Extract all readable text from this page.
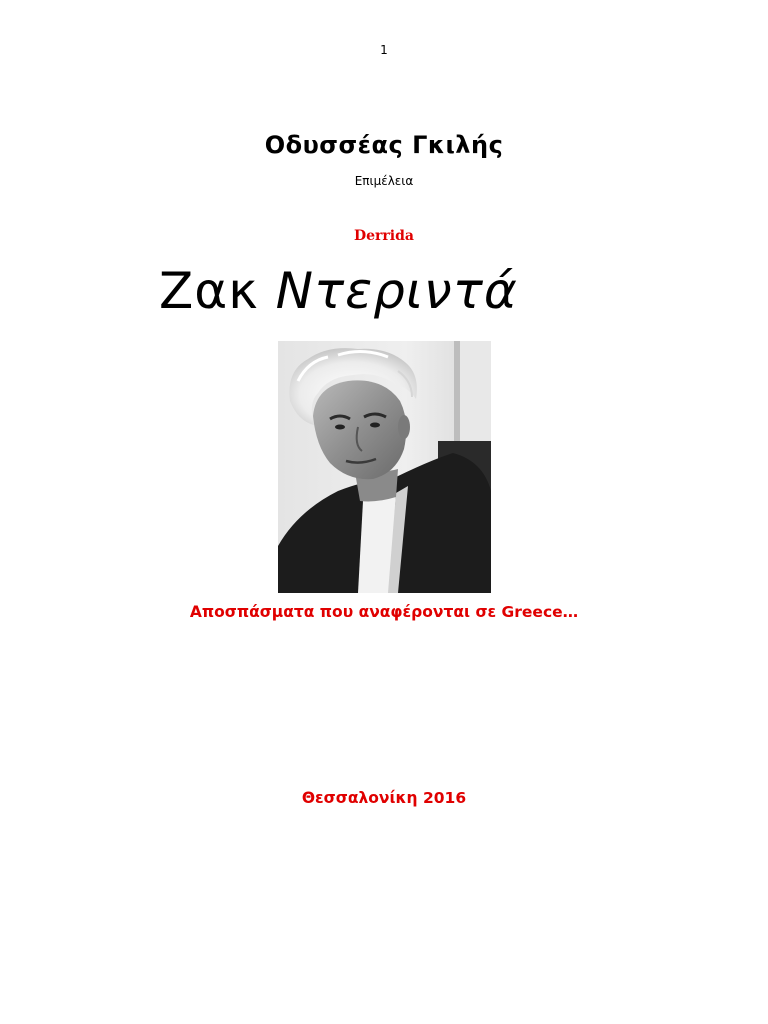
1
Οδυσσέας Γκιλής
Επιμέλεια
Derrida
Ζακ Ντεριντά
Αποσπάσματα που αναφέρονται σε Greece…
Θεσσαλονίκη 2016
